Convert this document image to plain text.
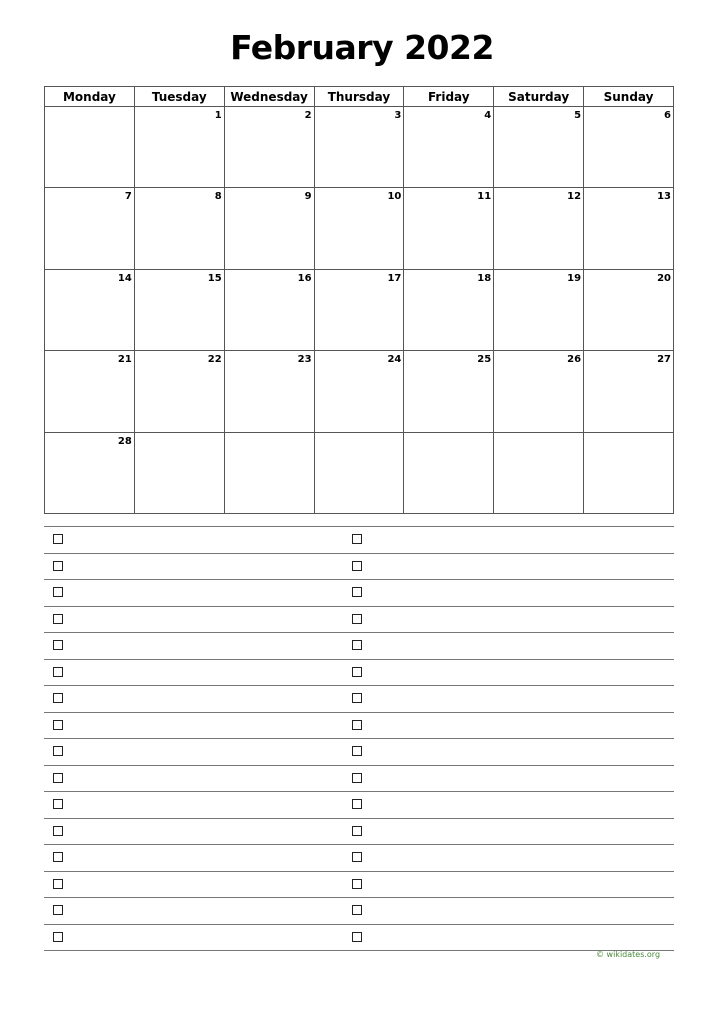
February 2022
Monday	Tuesday	Wednesday	Thursday	Friday	Saturday	Sunday
	1	2	3	4	5	6
7	8	9	10	11	12	13
14	15	16	17	18	19	20
21	22	23	24	25	26	27
28						
© wikidates.org
